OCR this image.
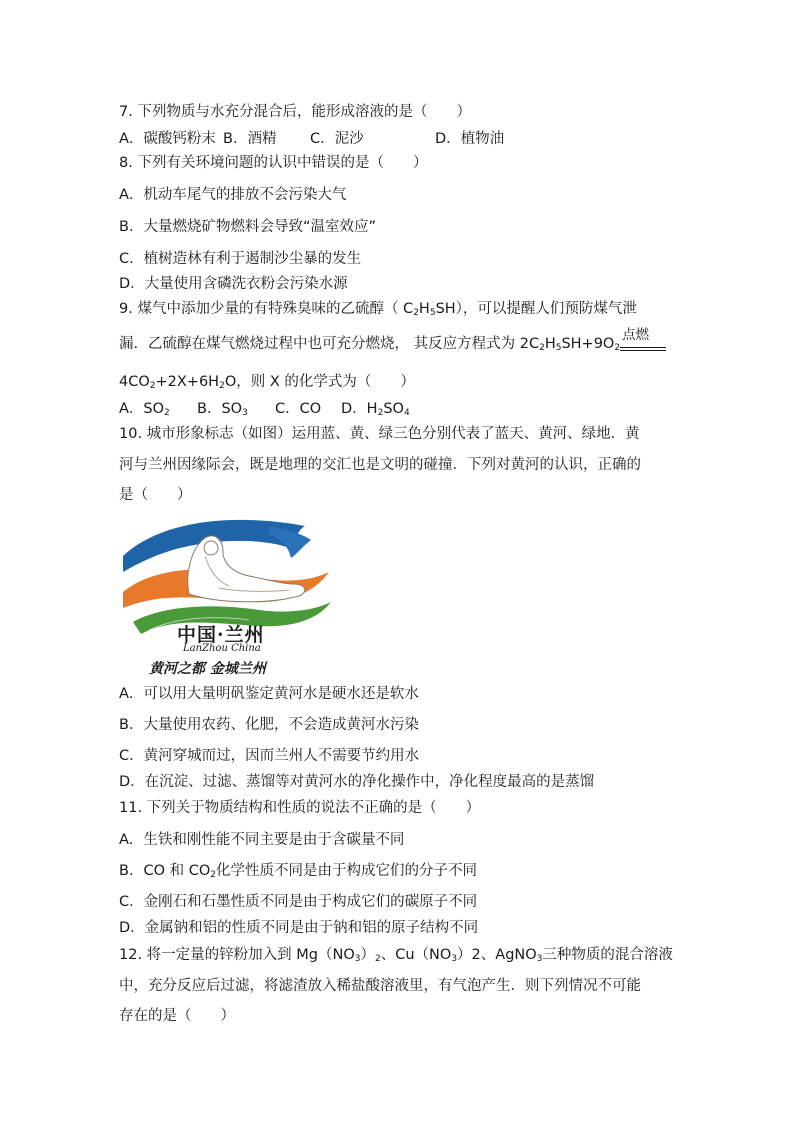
7. 下列物质与水充分混合后，能形成溶液的是（　　）
A．碳酸钙粉末 B．酒精 C．泥沙	D．植物油
8. 下列有关环境问题的认识中错误的是（　　）
A．机动车尾气的排放不会污染大气
B．大量燃烧矿物燃料会导致“温室效应”
C．植树造林有利于遏制沙尘暴的发生
D．大量使用含磷洗衣粉会污染水源
9. 煤气中添加少量的有特殊臭味的乙硫醇（ $C_2H_5SH$），可以提醒人们预防煤气泄
漏．乙硫醇在煤气燃烧过程中也可充分燃烧， 其反应方程式为 $2C_2H_5SH+9O_2$
点燃
$4CO_2+2X+6H_2O$，则 X 的化学式为（　　）
A．$SO_2$ B．$SO_3$ C．CO D．$H_2SO_4$
10. 城市形象标志（如图）运用蓝、黄、绿三色分别代表了蓝天、黄河、绿地．黄
河与兰州因缘际会，既是地理的交汇也是文明的碰撞．下列对黄河的认识，正确的
是（　　）
中国·兰州
LanZhou China
黄河之都 金城兰州
A．可以用大量明矾鉴定黄河水是硬水还是软水
B．大量使用农药、化肥，不会造成黄河水污染
C．黄河穿城而过，因而兰州人不需要节约用水
D．在沉淀、过滤、蒸馏等对黄河水的净化操作中，净化程度最高的是蒸馏
11. 下列关于物质结构和性质的说法不正确的是（　　）
A．生铁和刚性能不同主要是由于含碳量不同
B．CO 和 $CO_2$化学性质不同是由于构成它们的分子不同
C．金刚石和石墨性质不同是由于构成它们的碳原子不同
D．金属钠和铝的性质不同是由于钠和铝的原子结构不同
12. 将一定量的锌粉加入到 $Mg(NO_3)_2$、$Cu(NO_3)2$、AgNO$_3$三种物质的混合溶液
中，充分反应后过滤，将滤渣放入稀盐酸溶液里，有气泡产生．则下列情况不可能
存在的是（　　）
